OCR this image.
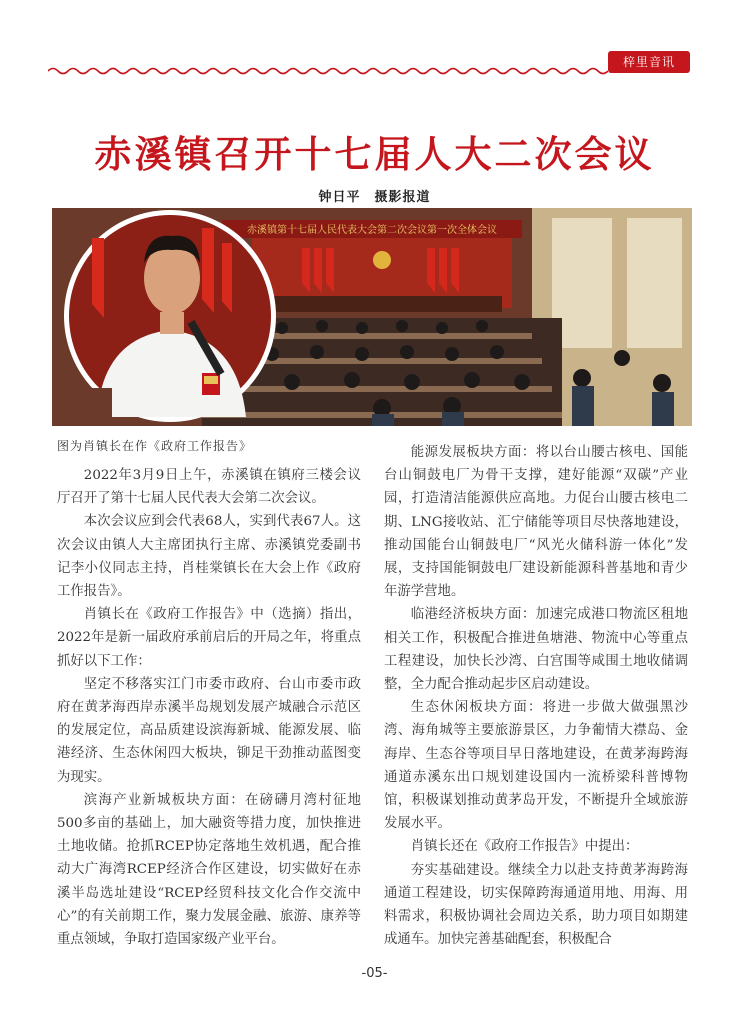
梓里音讯
赤溪镇召开十七届人大二次会议
钟日平　摄影报道
赤溪镇第十七届人民代表大会第二次会议第一次全体会议
图为肖镇长在作《政府工作报告》

2022年3月9日上午，赤溪镇在镇府三楼会议厅召开了第十七届人民代表大会第二次会议。

本次会议应到会代表68人，实到代表67人。这次会议由镇人大主席团执行主席、赤溪镇党委副书记李小仪同志主持，肖桂棠镇长在大会上作《政府工作报告》。

肖镇长在《政府工作报告》中（选摘）指出，2022年是新一届政府承前启后的开局之年，将重点抓好以下工作：

坚定不移落实江门市委市政府、台山市委市政府在黄茅海西岸赤溪半岛规划发展产城融合示范区的发展定位，高品质建设滨海新城、能源发展、临港经济、生态休闲四大板块，铆足干劲推动蓝图变为现实。

滨海产业新城板块方面：在磅礴月湾村征地500多亩的基础上，加大融资等措力度，加快推进土地收储。抢抓RCEP协定落地生效机遇，配合推动大广海湾RCEP经济合作区建设，切实做好在赤溪半岛选址建设“RCEP经贸科技文化合作交流中心”的有关前期工作，聚力发展金融、旅游、康养等重点领域，争取打造国家级产业平台。

能源发展板块方面：将以台山腰古核电、国能台山铜鼓电厂为骨干支撑，建好能源“双碳”产业园，打造清洁能源供应高地。力促台山腰古核电二期、LNG接收站、汇宁储能等项目尽快落地建设，推动国能台山铜鼓电厂“风光火储科游一体化”发展，支持国能铜鼓电厂建设新能源科普基地和青少年游学营地。

临港经济板块方面：加速完成港口物流区租地相关工作，积极配合推进鱼塘港、物流中心等重点工程建设，加快长沙湾、白宫围等咸围土地收储调整，全力配合推动起步区启动建设。

生态休闲板块方面：将进一步做大做强黑沙湾、海角城等主要旅游景区，力争葡情大襟岛、金海岸、生态谷等项目早日落地建设，在黄茅海跨海通道赤溪东出口规划建设国内一流桥梁科普博物馆，积极谋划推动黄茅岛开发，不断提升全域旅游发展水平。

肖镇长还在《政府工作报告》中提出：

夯实基础建设。继续全力以赴支持黄茅海跨海通道工程建设，切实保障跨海通道用地、用海、用料需求，积极协调社会周边关系，助力项目如期建成通车。加快完善基础配套，积极配合

-05-
